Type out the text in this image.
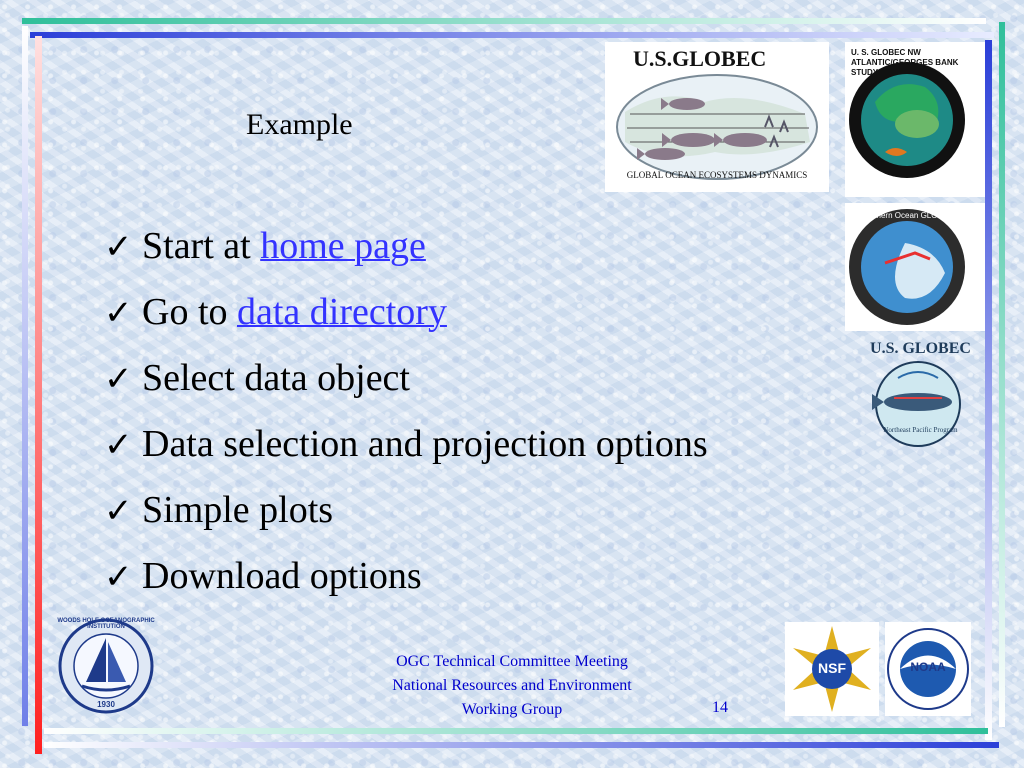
Example
✓ Start at home page
✓ Go to data directory
✓ Select data object
✓ Data selection and projection options
✓ Simple plots
✓ Download options
U.S.GLOBEC
GLOBAL OCEAN ECOSYSTEMS DYNAMICS
U. S. GLOBEC NW ATLANTIC/GEORGES BANK STUDY
Southern Ocean GLOBEC
U.S. GLOBEC
Northeast Pacific Program
WOODS HOLE OCEANOGRAPHIC INSTITUTION
1930
NSF	NOAA
OGC Technical Committee Meeting
National Resources and Environment
Working Group	14
